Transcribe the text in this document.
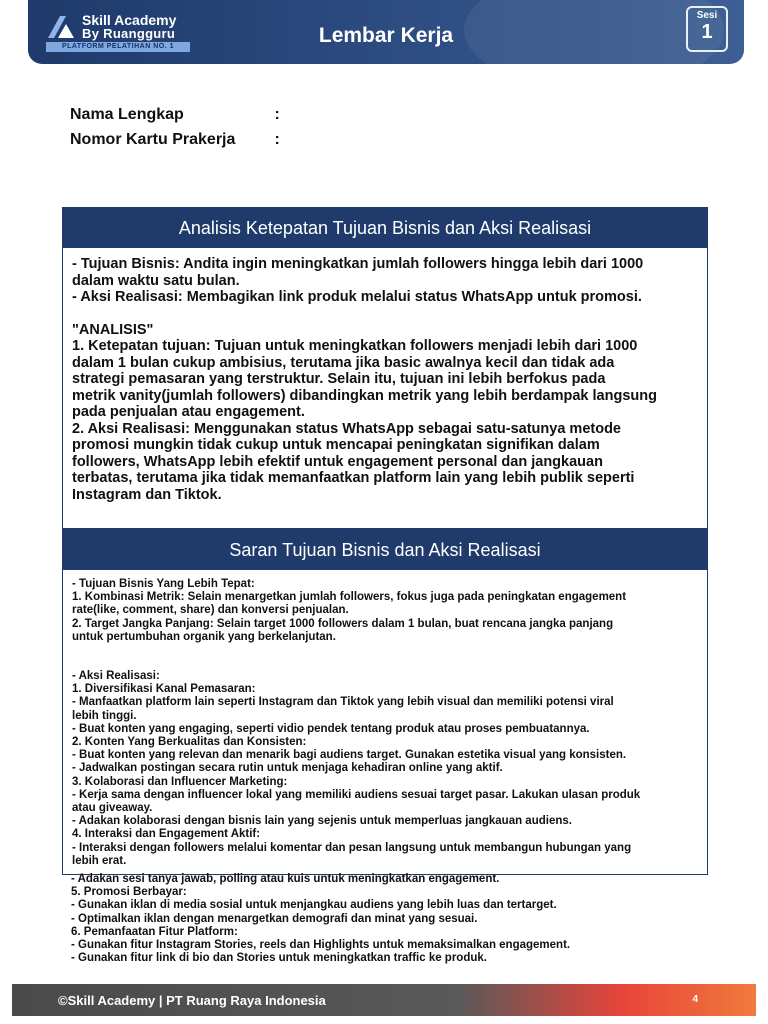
Skill Academy
By Ruangguru
PLATFORM PELATIHAN NO. 1	Lembar Kerja
Sesi
1
Nama Lengkap	:
Nomor Kartu Prakerja :
Analisis Ketepatan Tujuan Bisnis dan Aksi Realisasi

- Tujuan Bisnis: Andita ingin meningkatkan jumlah followers hingga lebih dari 1000

dalam waktu satu bulan.

- Aksi Realisasi: Membagikan link produk melalui status WhatsApp untuk promosi.

"ANALISIS"

1. Ketepatan tujuan: Tujuan untuk meningkatkan followers menjadi lebih dari 1000

dalam 1 bulan cukup ambisius, terutama jika basic awalnya kecil dan tidak ada

strategi pemasaran yang terstruktur. Selain itu, tujuan ini lebih berfokus pada

metrik vanity(jumlah followers) dibandingkan metrik yang lebih berdampak langsung

pada penjualan atau engagement.

2. Aksi Realisasi: Menggunakan status WhatsApp sebagai satu-satunya metode

promosi mungkin tidak cukup untuk mencapai peningkatan signifikan dalam

followers, WhatsApp lebih efektif untuk engagement personal dan jangkauan

terbatas, terutama jika tidak memanfaatkan platform lain yang lebih publik seperti

Instagram dan Tiktok.

Saran Tujuan Bisnis dan Aksi Realisasi

- Tujuan Bisnis Yang Lebih Tepat:

1. Kombinasi Metrik: Selain menargetkan jumlah followers, fokus juga pada peningkatan engagement

rate(like, comment, share) dan konversi penjualan.

2. Target Jangka Panjang: Selain target 1000 followers dalam 1 bulan, buat rencana jangka panjang

untuk pertumbuhan organik yang berkelanjutan.

- Aksi Realisasi:

1. Diversifikasi Kanal Pemasaran:

- Manfaatkan platform lain seperti Instagram dan Tiktok yang lebih visual dan memiliki potensi viral

lebih tinggi.

- Buat konten yang engaging, seperti vidio pendek tentang produk atau proses pembuatannya.

2. Konten Yang Berkualitas dan Konsisten:

- Buat konten yang relevan dan menarik bagi audiens target. Gunakan estetika visual yang konsisten.

- Jadwalkan postingan secara rutin untuk menjaga kehadiran online yang aktif.

3. Kolaborasi dan Influencer Marketing:

- Kerja sama dengan influencer lokal yang memiliki audiens sesuai target pasar. Lakukan ulasan produk

atau giveaway.

- Adakan kolaborasi dengan bisnis lain yang sejenis untuk memperluas jangkauan audiens.

4. Interaksi dan Engagement Aktif:

- Interaksi dengan followers melalui komentar dan pesan langsung untuk membangun hubungan yang

lebih erat.

- Adakan sesi tanya jawab, polling atau kuis untuk meningkatkan engagement.

5. Promosi Berbayar:

- Gunakan iklan di media sosial untuk menjangkau audiens yang lebih luas dan tertarget.

- Optimalkan iklan dengan menargetkan demografi dan minat yang sesuai.

6. Pemanfaatan Fitur Platform:

- Gunakan fitur Instagram Stories, reels dan Highlights untuk memaksimalkan engagement.

- Gunakan fitur link di bio dan Stories untuk meningkatkan traffic ke produk.

©Skill Academy | PT Ruang Raya Indonesia	4
